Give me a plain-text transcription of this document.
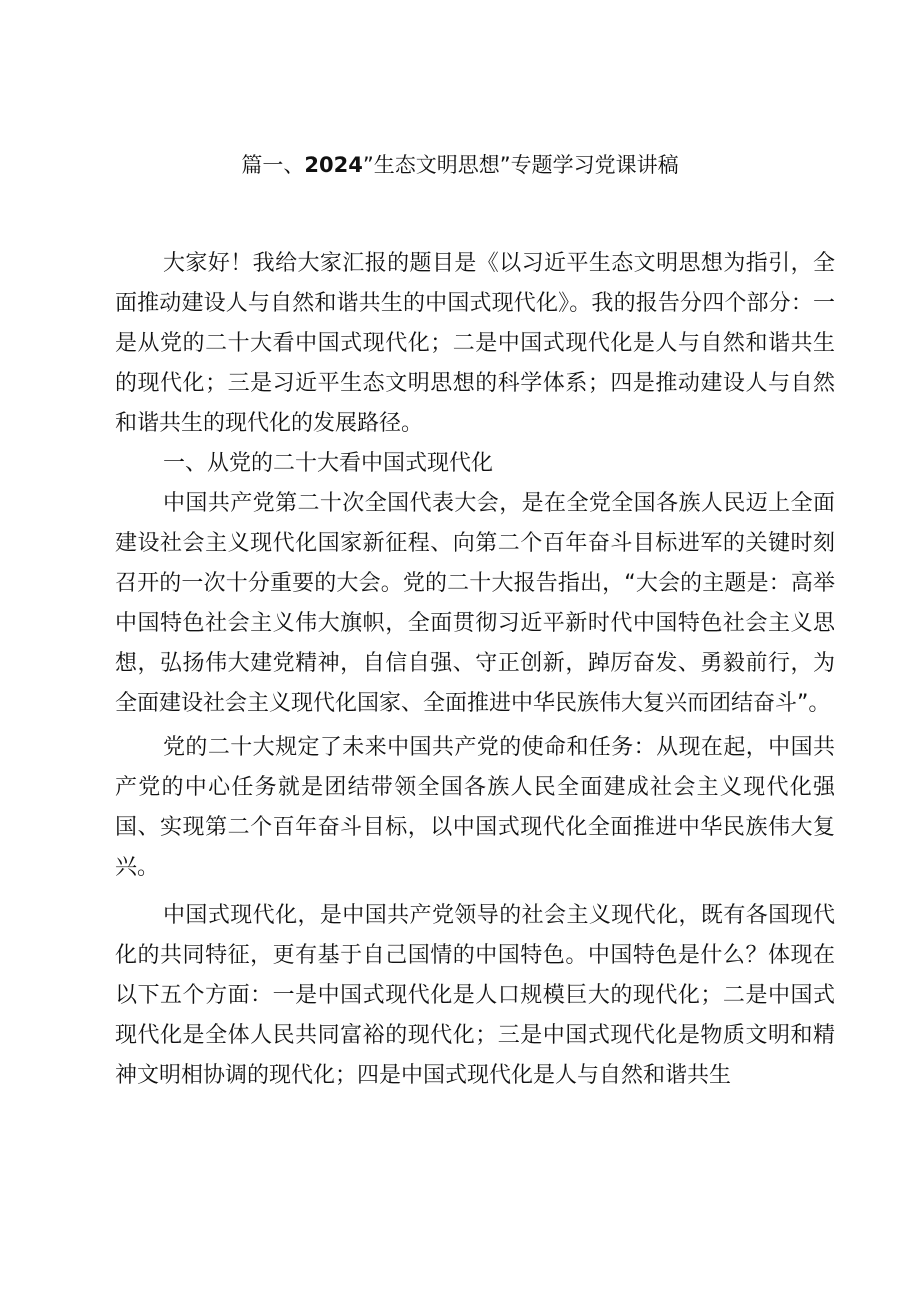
篇一、2024”生态文明思想”专题学习党课讲稿

大家好！我给大家汇报的题目是《以习近平生态文明思想为指引，全面推动建设人与自然和谐共生的中国式现代化》。我的报告分四个部分：一是从党的二十大看中国式现代化；二是中国式现代化是人与自然和谐共生的现代化；三是习近平生态文明思想的科学体系；四是推动建设人与自然和谐共生的现代化的发展路径。

一、从党的二十大看中国式现代化

中国共产党第二十次全国代表大会，是在全党全国各族人民迈上全面建设社会主义现代化国家新征程、向第二个百年奋斗目标进军的关键时刻召开的一次十分重要的大会。党的二十大报告指出，“大会的主题是：高举中国特色社会主义伟大旗帜，全面贯彻习近平新时代中国特色社会主义思想，弘扬伟大建党精神，自信自强、守正创新，踔厉奋发、勇毅前行，为全面建设社会主义现代化国家、全面推进中华民族伟大复兴而团结奋斗”。

党的二十大规定了未来中国共产党的使命和任务：从现在起，中国共产党的中心任务就是团结带领全国各族人民全面建成社会主义现代化强国、实现第二个百年奋斗目标，以中国式现代化全面推进中华民族伟大复兴。

中国式现代化，是中国共产党领导的社会主义现代化，既有各国现代化的共同特征，更有基于自己国情的中国特色。中国特色是什么？体现在以下五个方面：一是中国式现代化是人口规模巨大的现代化；二是中国式现代化是全体人民共同富裕的现代化；三是中国式现代化是物质文明和精神文明相协调的现代化；四是中国式现代化是人与自然和谐共生
